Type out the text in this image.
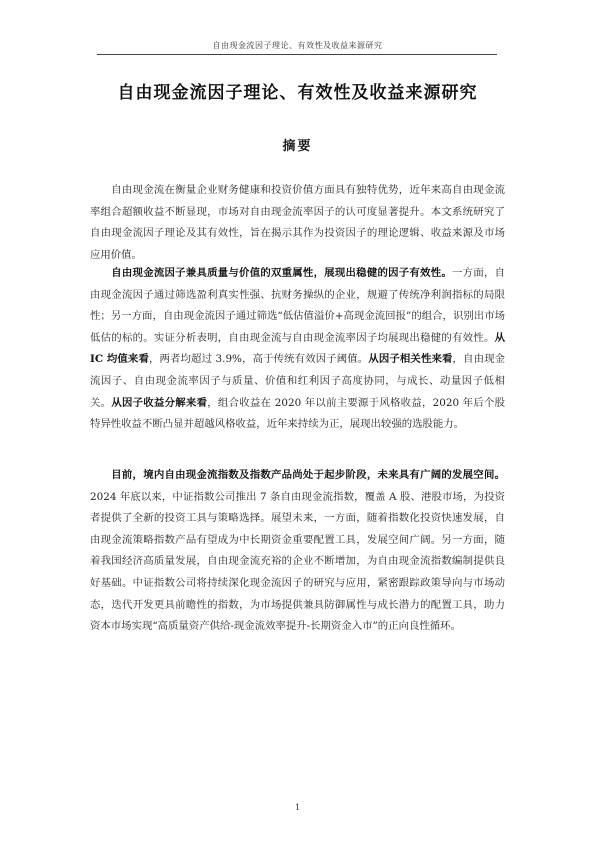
自由现金流因子理论、有效性及收益来源研究
自由现金流因子理论、有效性及收益来源研究
摘要

自由现金流在衡量企业财务健康和投资价值方面具有独特优势，近年来高自由现金流率组合超额收益不断显现，市场对自由现金流率因子的认可度显著提升。本文系统研究了自由现金流因子理论及其有效性，旨在揭示其作为投资因子的理论逻辑、收益来源及市场应用价值。

自由现金流因子兼具质量与价值的双重属性，展现出稳健的因子有效性。一方面，自由现金流因子通过筛选盈利真实性强、抗财务操纵的企业，规避了传统净利润指标的局限性；另一方面，自由现金流因子通过筛选“低估值溢价+高现金流回报”的组合，识别出市场低估的标的。实证分析表明，自由现金流与自由现金流率因子均展现出稳健的有效性。从 IC 均值来看，两者均超过 3.9%，高于传统有效因子阈值。从因子相关性来看，自由现金流因子、自由现金流率因子与质量、价值和红利因子高度协同，与成长、动量因子低相关。从因子收益分解来看，组合收益在 2020 年以前主要源于风格收益，2020 年后个股特异性收益不断凸显并超越风格收益，近年来持续为正，展现出较强的选股能力。

目前，境内自由现金流指数及指数产品尚处于起步阶段，未来具有广阔的发展空间。2024 年底以来，中证指数公司推出 7 条自由现金流指数，覆盖 A 股、港股市场，为投资者提供了全新的投资工具与策略选择。展望未来，一方面，随着指数化投资快速发展，自由现金流策略指数产品有望成为中长期资金重要配置工具，发展空间广阔。另一方面，随着我国经济高质量发展，自由现金流充裕的企业不断增加，为自由现金流指数编制提供良好基础。中证指数公司将持续深化现金流因子的研究与应用，紧密跟踪政策导向与市场动态，迭代开发更具前瞻性的指数，为市场提供兼具防御属性与成长潜力的配置工具，助力资本市场实现“高质量资产供给-现金流效率提升-长期资金入市”的正向良性循环。

1
